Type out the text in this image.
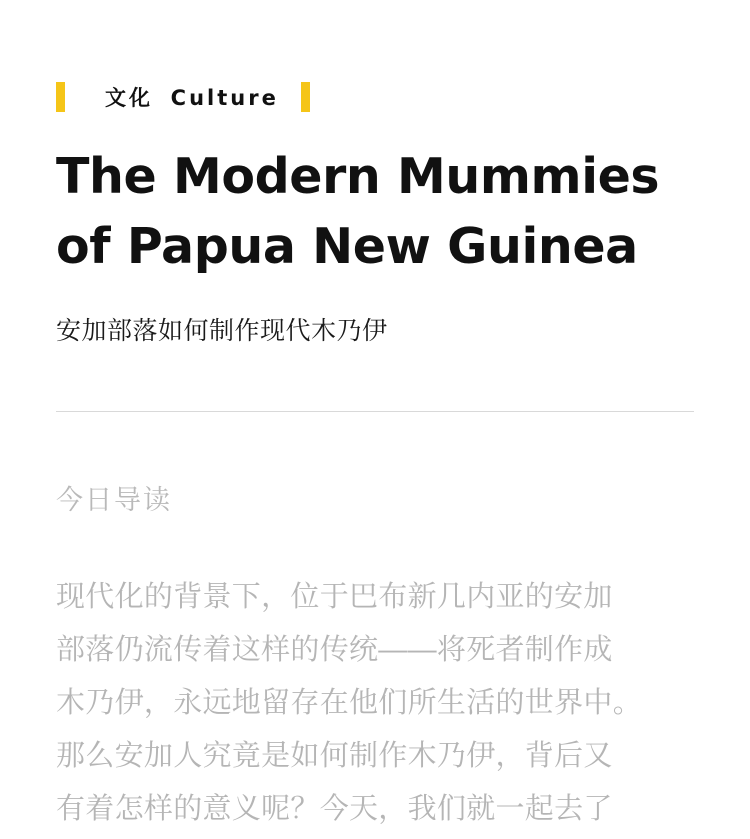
文化 Culture
The Modern Mummies
of Papua New Guinea
安加部落如何制作现代木乃伊
今日导读
现代化的背景下，位于巴布新几内亚的安加
部落仍流传着这样的传统——将死者制作成
木乃伊，永远地留存在他们所生活的世界中。
那么安加人究竟是如何制作木乃伊，背后又
有着怎样的意义呢？今天，我们就一起去了
